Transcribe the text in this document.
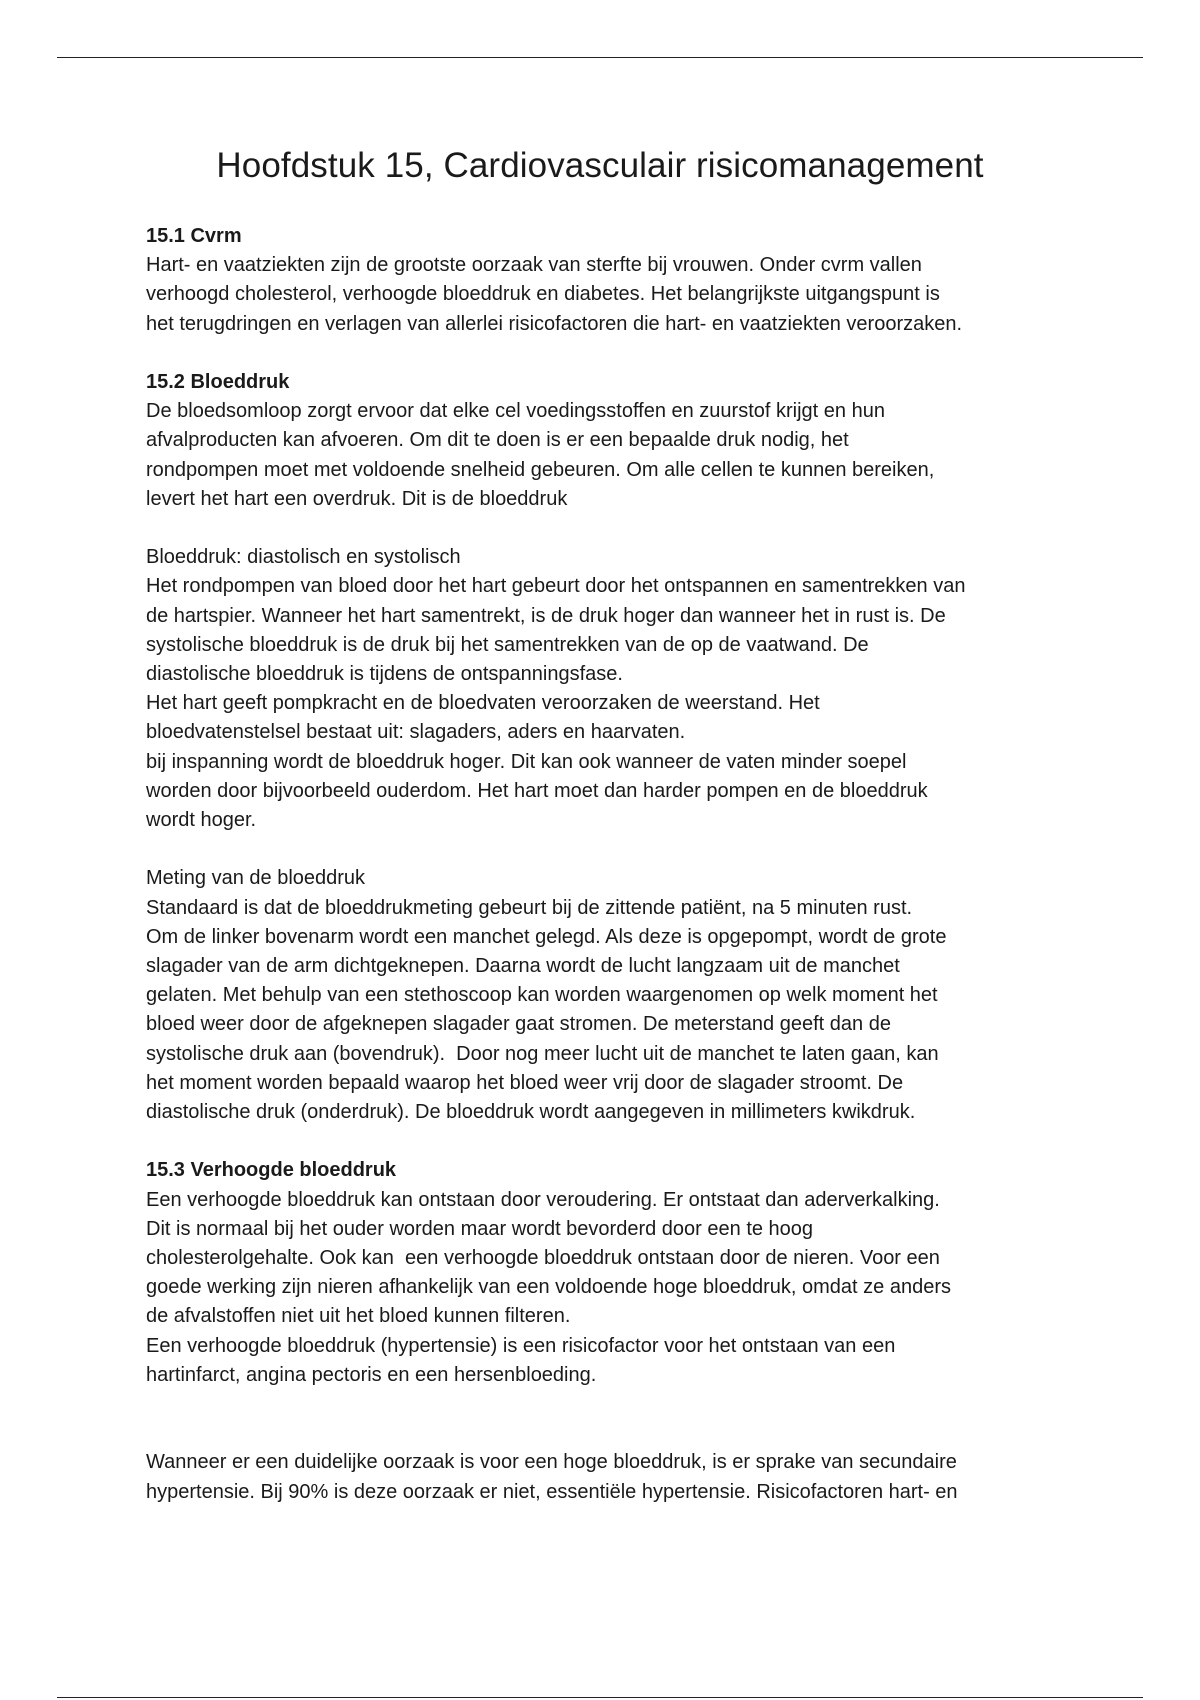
Hoofdstuk 15, Cardiovasculair risicomanagement
15.1 Cvrm

Hart- en vaatziekten zijn de grootste oorzaak van sterfte bij vrouwen. Onder cvrm vallen

verhoogd cholesterol, verhoogde bloeddruk en diabetes. Het belangrijkste uitgangspunt is

het terugdringen en verlagen van allerlei risicofactoren die hart- en vaatziekten veroorzaken.

15.2 Bloeddruk

De bloedsomloop zorgt ervoor dat elke cel voedingsstoffen en zuurstof krijgt en hun

afvalproducten kan afvoeren. Om dit te doen is er een bepaalde druk nodig, het

rondpompen moet met voldoende snelheid gebeuren. Om alle cellen te kunnen bereiken,

levert het hart een overdruk. Dit is de bloeddruk

Bloeddruk: diastolisch en systolisch

Het rondpompen van bloed door het hart gebeurt door het ontspannen en samentrekken van

de hartspier. Wanneer het hart samentrekt, is de druk hoger dan wanneer het in rust is. De

systolische bloeddruk is de druk bij het samentrekken van de op de vaatwand. De

diastolische bloeddruk is tijdens de ontspanningsfase.

Het hart geeft pompkracht en de bloedvaten veroorzaken de weerstand. Het

bloedvatenstelsel bestaat uit: slagaders, aders en haarvaten.

bij inspanning wordt de bloeddruk hoger. Dit kan ook wanneer de vaten minder soepel

worden door bijvoorbeeld ouderdom. Het hart moet dan harder pompen en de bloeddruk

wordt hoger.

Meting van de bloeddruk

Standaard is dat de bloeddrukmeting gebeurt bij de zittende patiënt, na 5 minuten rust.

Om de linker bovenarm wordt een manchet gelegd. Als deze is opgepompt, wordt de grote

slagader van de arm dichtgeknepen. Daarna wordt de lucht langzaam uit de manchet

gelaten. Met behulp van een stethoscoop kan worden waargenomen op welk moment het

bloed weer door de afgeknepen slagader gaat stromen. De meterstand geeft dan de

systolische druk aan (bovendruk).  Door nog meer lucht uit de manchet te laten gaan, kan

het moment worden bepaald waarop het bloed weer vrij door de slagader stroomt. De

diastolische druk (onderdruk). De bloeddruk wordt aangegeven in millimeters kwikdruk.

15.3 Verhoogde bloeddruk

Een verhoogde bloeddruk kan ontstaan door veroudering. Er ontstaat dan aderverkalking.

Dit is normaal bij het ouder worden maar wordt bevorderd door een te hoog

cholesterolgehalte. Ook kan  een verhoogde bloeddruk ontstaan door de nieren. Voor een

goede werking zijn nieren afhankelijk van een voldoende hoge bloeddruk, omdat ze anders

de afvalstoffen niet uit het bloed kunnen filteren.

Een verhoogde bloeddruk (hypertensie) is een risicofactor voor het ontstaan van een

hartinfarct, angina pectoris en een hersenbloeding.

Wanneer er een duidelijke oorzaak is voor een hoge bloeddruk, is er sprake van secundaire

hypertensie. Bij 90% is deze oorzaak er niet, essentiële hypertensie. Risicofactoren hart- en
